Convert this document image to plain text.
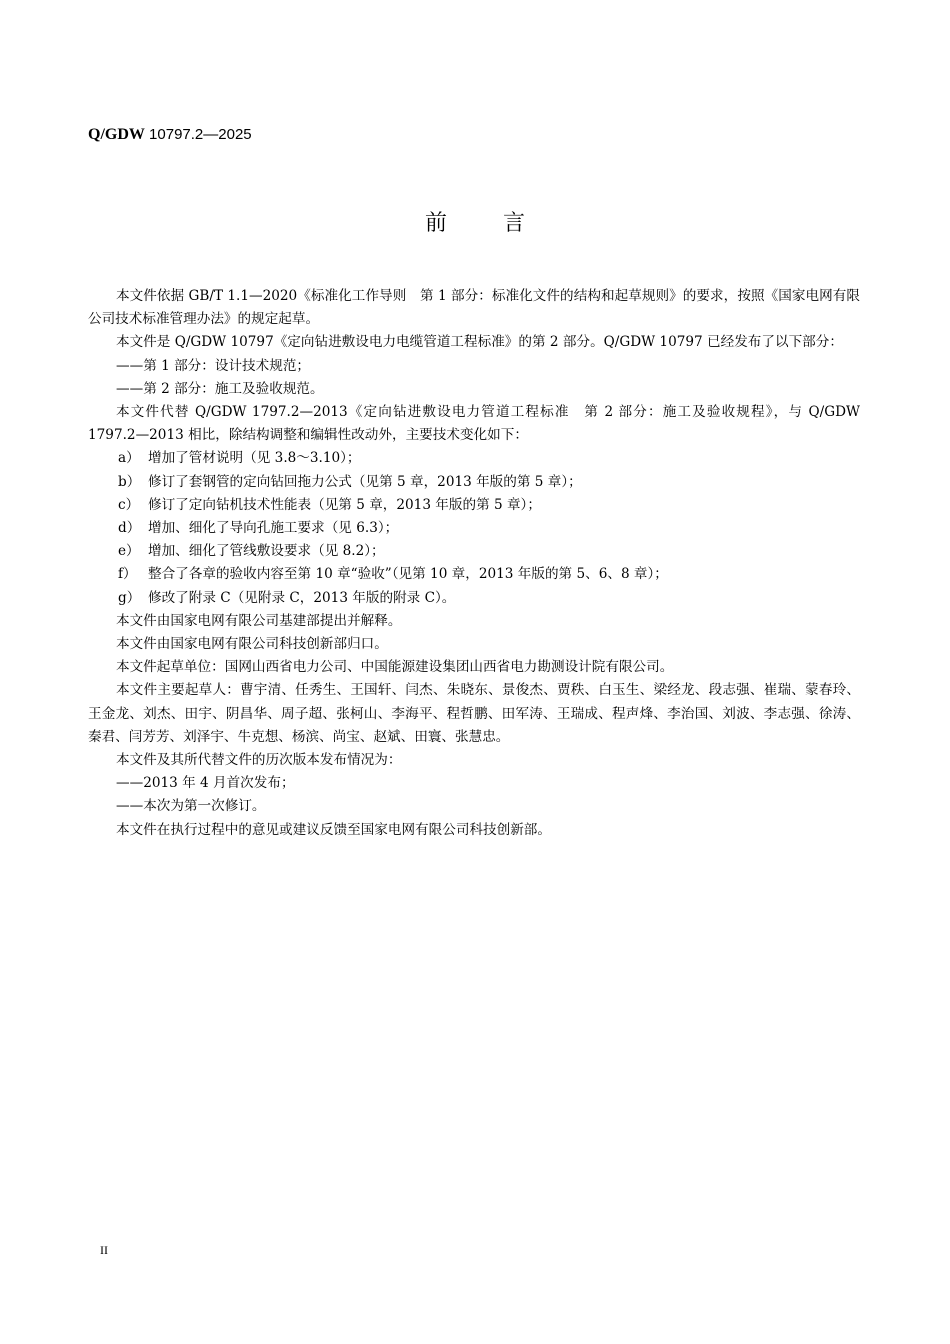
Q/GDW 10797.2—2025
前	言

本文件依据 GB/T 1.1—2020《标准化工作导则　第 1 部分：标准化文件的结构和起草规则》的要求，按照《国家电网有限公司技术标准管理办法》的规定起草。

本文件是 Q/GDW 10797《定向钻进敷设电力电缆管道工程标准》的第 2 部分。Q/GDW 10797 已经发布了以下部分：

——第 1 部分：设计技术规范；

——第 2 部分：施工及验收规范。

本文件代替 Q/GDW 1797.2—2013《定向钻进敷设电力管道工程标准　第 2 部分：施工及验收规程》，与 Q/GDW 1797.2—2013 相比，除结构调整和编辑性改动外，主要技术变化如下：

a） 增加了管材说明（见 3.8～3.10）；

b） 修订了套钢管的定向钻回拖力公式（见第 5 章，2013 年版的第 5 章）；

c） 修订了定向钻机技术性能表（见第 5 章，2013 年版的第 5 章）；

d） 增加、细化了导向孔施工要求（见 6.3）；

e） 增加、细化了管线敷设要求（见 8.2）；

f） 整合了各章的验收内容至第 10 章“验收”（见第 10 章，2013 年版的第 5、6、8 章）；

g） 修改了附录 C（见附录 C，2013 年版的附录 C）。

本文件由国家电网有限公司基建部提出并解释。

本文件由国家电网有限公司科技创新部归口。

本文件起草单位：国网山西省电力公司、中国能源建设集团山西省电力勘测设计院有限公司。

本文件主要起草人：曹宇清、任秀生、王国轩、闫杰、朱晓东、景俊杰、贾秩、白玉生、梁经龙、段志强、崔瑞、蒙春玲、王金龙、刘杰、田宇、阴昌华、周子超、张柯山、李海平、程哲鹏、田军涛、王瑞成、程声烽、李治国、刘波、李志强、徐涛、秦君、闫芳芳、刘泽宇、牛克想、杨滨、尚宝、赵斌、田寰、张慧忠。

本文件及其所代替文件的历次版本发布情况为：

——2013 年 4 月首次发布；

——本次为第一次修订。

本文件在执行过程中的意见或建议反馈至国家电网有限公司科技创新部。

II
